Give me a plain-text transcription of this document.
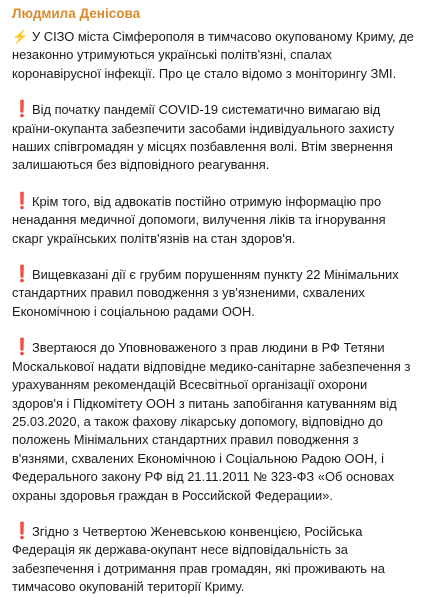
Людмила Денісова
⚡ У СІЗО міста Сімферополя в тимчасово окупованому Криму, де незаконно утримуються українські політв'язні, спалах коронавірусної інфекції. Про це стало відомо з моніторингу ЗМІ.
❗Від початку пандемії COVID-19 систематично вимагаю від країни-окупанта забезпечити засобами індивідуального захисту наших співгромадян у місцях позбавлення волі. Втім звернення залишаються без відповідного реагування.
❗Крім того, від адвокатів постійно отримую інформацію про ненадання медичної допомоги, вилучення ліків та ігнорування скарг українських політв'язнів на стан здоров'я.
❗Вищевказані дії є грубим порушенням пункту 22 Мінімальних стандартних правил поводження з ув'язненими, схвалених Економічною і соціальною радами ООН.
❗Звертаюся до Уповноваженого з прав людини в РФ Тетяни Москалькової надати відповідне медико-санітарне забезпечення з урахуванням рекомендацій Всесвітньої організації охорони здоров'я і Підкомітету ООН з питань запобігання катуванням від 25.03.2020, а також фахову лікарську допомогу, відповідно до положень Мінімальних стандартних правил поводження з в'язнями, схвалених Економічною і Соціальною Радою ООН, і Федерального закону РФ від 21.11.2011 № 323-ФЗ «Об основах охраны здоровья граждан в Российской Федерации».
❗Згідно з Четвертою Женевською конвенцією, Російська Федерація як держава-окупант несе відповідальність за забезпечення і дотримання прав громадян, які проживають на тимчасово окупованій території Криму.
